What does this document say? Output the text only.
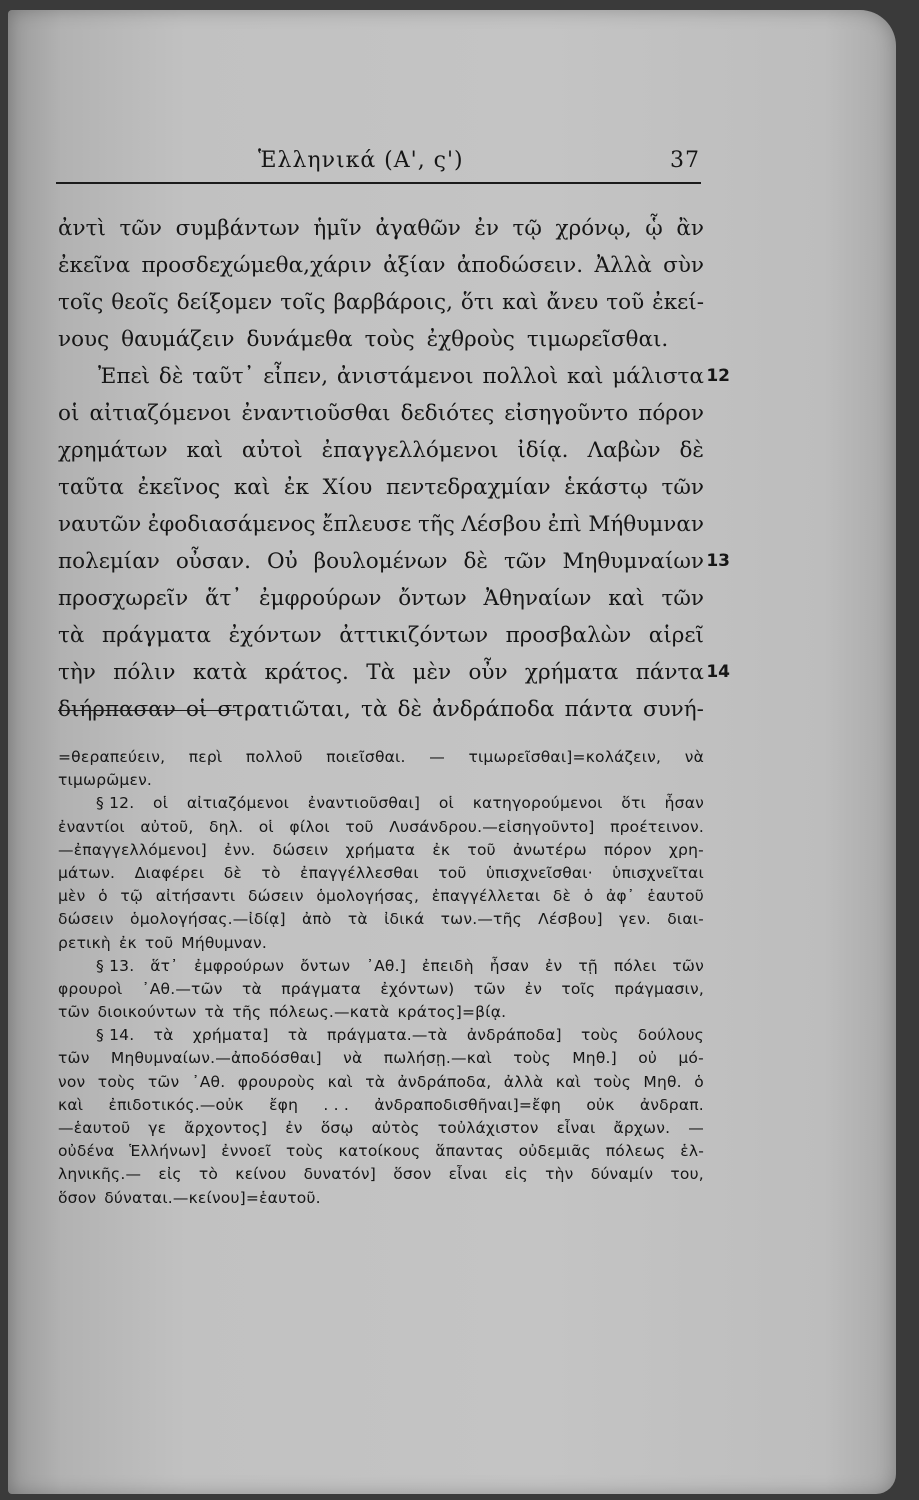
Ἑλληνικά (Α', ς')	37
ἀντὶ τῶν συμβάντων ἡμῖν ἀγαθῶν ἐν τῷ χρόνῳ, ᾧ ἂν
ἐκεῖνα προσδεχώμεθα,χάριν ἀξίαν ἀποδώσειν. Ἀλλὰ σὺν
τοῖς θεοῖς δείξομεν τοῖς βαρβάροις, ὅτι καὶ ἄνευ τοῦ ἐκεί-
νους θαυμάζειν δυνάμεθα τοὺς ἐχθροὺς τιμωρεῖσθαι.
Ἐπεὶ δὲ ταῦτ᾽ εἶπεν, ἀνιστάμενοι πολλοὶ καὶ μάλιστα 12
οἱ αἰτιαζόμενοι ἐναντιοῦσθαι δεδιότες εἰσηγοῦντο πόρον
χρημάτων καὶ αὐτοὶ ἐπαγγελλόμενοι ἰδίᾳ. Λαβὼν δὲ
ταῦτα ἐκεῖνος καὶ ἐκ Χίου πεντεδραχμίαν ἑκάστῳ τῶν
ναυτῶν ἐφοδιασάμενος ἔπλευσε τῆς Λέσβου ἐπὶ Μήθυμναν
πολεμίαν οὖσαν. Οὐ βουλομένων δὲ τῶν Μηθυμναίων 13
προσχωρεῖν ἅτ᾽ ἐμφρούρων ὄντων Ἀθηναίων καὶ τῶν
τὰ πράγματα ἐχόντων ἀττικιζόντων προσβαλὼν αἱρεῖ
τὴν πόλιν κατὰ κράτος. Τὰ μὲν οὖν χρήματα πάντα 14
διήρπασαν οἱ στρατιῶται, τὰ δὲ ἀνδράποδα πάντα συνή-
=θεραπεύειν, περὶ πολλοῦ ποιεῖσθαι. — τιμωρεῖσθαι]=κολάζειν, νὰ
τιμωρῶμεν.
§ 12. οἱ αἰτιαζόμενοι ἐναντιοῦσθαι] οἱ κατηγορούμενοι ὅτι ἦσαν
ἐναντίοι αὐτοῦ, δηλ. οἱ φίλοι τοῦ Λυσάνδρου.—εἰσηγοῦντο] προέτεινον.
—ἐπαγγελλόμενοι] ἐνν. δώσειν χρήματα ἐκ τοῦ ἀνωτέρω πόρον χρη-
μάτων. Διαφέρει δὲ τὸ ἐπαγγέλλεσθαι τοῦ ὑπισχνεῖσθαι· ὑπισχνεῖται
μὲν ὁ τῷ αἰτήσαντι δώσειν ὁμολογήσας, ἐπαγγέλλεται δὲ ὁ ἀφ᾽ ἑαυτοῦ
δώσειν ὁμολογήσας.—ἰδίᾳ] ἀπὸ τὰ ἰδικά των.—τῆς Λέσβου] γεν. διαι-
ρετικὴ ἐκ τοῦ Μήθυμναν.
§ 13. ἅτ᾽ ἐμφρούρων ὄντων ᾽Αθ.] ἐπειδὴ ἦσαν ἐν τῇ πόλει τῶν
φρουροὶ ᾽Αθ.—τῶν τὰ πράγματα ἐχόντων) τῶν ἐν τοῖς πράγμασιν,
τῶν διοικούντων τὰ τῆς πόλεως.—κατὰ κράτος]=βίᾳ.
§ 14. τὰ χρήματα] τὰ πράγματα.—τὰ ἀνδράποδα] τοὺς δούλους
τῶν Μηθυμναίων.—ἀποδόσθαι] νὰ πωλήσῃ.—καὶ τοὺς Μηθ.] οὐ μό-
νον τοὺς τῶν ᾽Αθ. φρουροὺς καὶ τὰ ἀνδράποδα, ἀλλὰ καὶ τοὺς Μηθ. ὁ
καὶ ἐπιδοτικός.—οὐκ ἔφη . . . ἀνδραποδισθῆναι]=ἔφη οὐκ ἀνδραπ.
—ἑαυτοῦ γε ἄρχοντος] ἐν ὅσῳ αὐτὸς τοὐλάχιστον εἶναι ἄρχων. —
οὐδένα Ἑλλήνων] ἐννοεῖ τοὺς κατοίκους ἅπαντας οὐδεμιᾶς πόλεως ἑλ-
ληνικῆς.— εἰς τὸ κείνου δυνατόν] ὅσον εἶναι εἰς τὴν δύναμίν του,
ὅσον δύναται.—κείνου]=ἑαυτοῦ.
